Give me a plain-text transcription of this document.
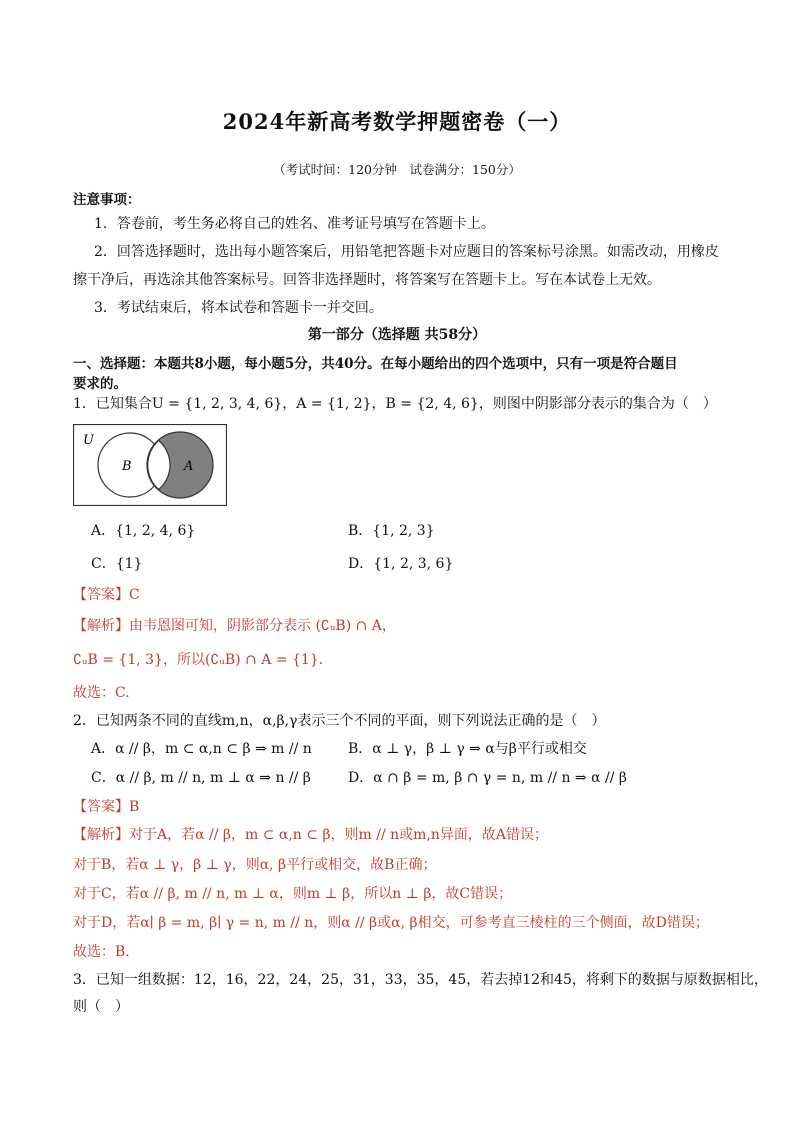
2024年新高考数学押题密卷（一）
（考试时间：120分钟　试卷满分：150分）
注意事项：
1．答卷前，考生务必将自己的姓名、准考证号填写在答题卡上。
2．回答选择题时，选出每小题答案后，用铅笔把答题卡对应题目的答案标号涂黑。如需改动，用橡皮
擦干净后，再选涂其他答案标号。回答非选择题时，将答案写在答题卡上。写在本试卷上无效。
3．考试结束后，将本试卷和答题卡一并交回。
第一部分（选择题 共58分）
一、选择题：本题共8小题，每小题5分，共40分。在每小题给出的四个选项中，只有一项是符合题目
要求的。
1．已知集合U = {1, 2, 3, 4, 6}，A = {1, 2}，B = {2, 4, 6}，则图中阴影部分表示的集合为（　）
U
B	A
A．{1, 2, 4, 6}	B．{1, 2, 3}
C．{1}	D．{1, 2, 3, 6}
【答案】C
【解析】由韦恩图可知，阴影部分表示 (∁ᵤB) ∩ A，
∁ᵤB = {1, 3}，所以(∁ᵤB) ∩ A = {1}.
故选：C.
2．已知两条不同的直线m,n，α,β,γ表示三个不同的平面，则下列说法正确的是（　）
A．α // β，m ⊂ α,n ⊂ β ⇒ m // n	B．α ⊥ γ，β ⊥ γ ⇒ α与β平行或相交
C．α // β, m // n, m ⊥ α ⇒ n // β	D．α ∩ β = m, β ∩ γ = n, m // n ⇒ α // β
【答案】B
【解析】对于A，若α // β，m ⊂ α,n ⊂ β，则m // n或m,n异面，故A错误；
对于B，若α ⊥ γ，β ⊥ γ，则α, β平行或相交，故B正确；
对于C，若α // β, m // n, m ⊥ α，则m ⊥ β，所以n ⊥ β，故C错误；
对于D，若α∣ β = m, β∣ γ = n, m // n，则α // β或α, β相交，可参考直三棱柱的三个侧面，故D错误；
故选：B.
3．已知一组数据：12，16，22，24，25，31，33，35，45，若去掉12和45，将剩下的数据与原数据相比，
则（　）
